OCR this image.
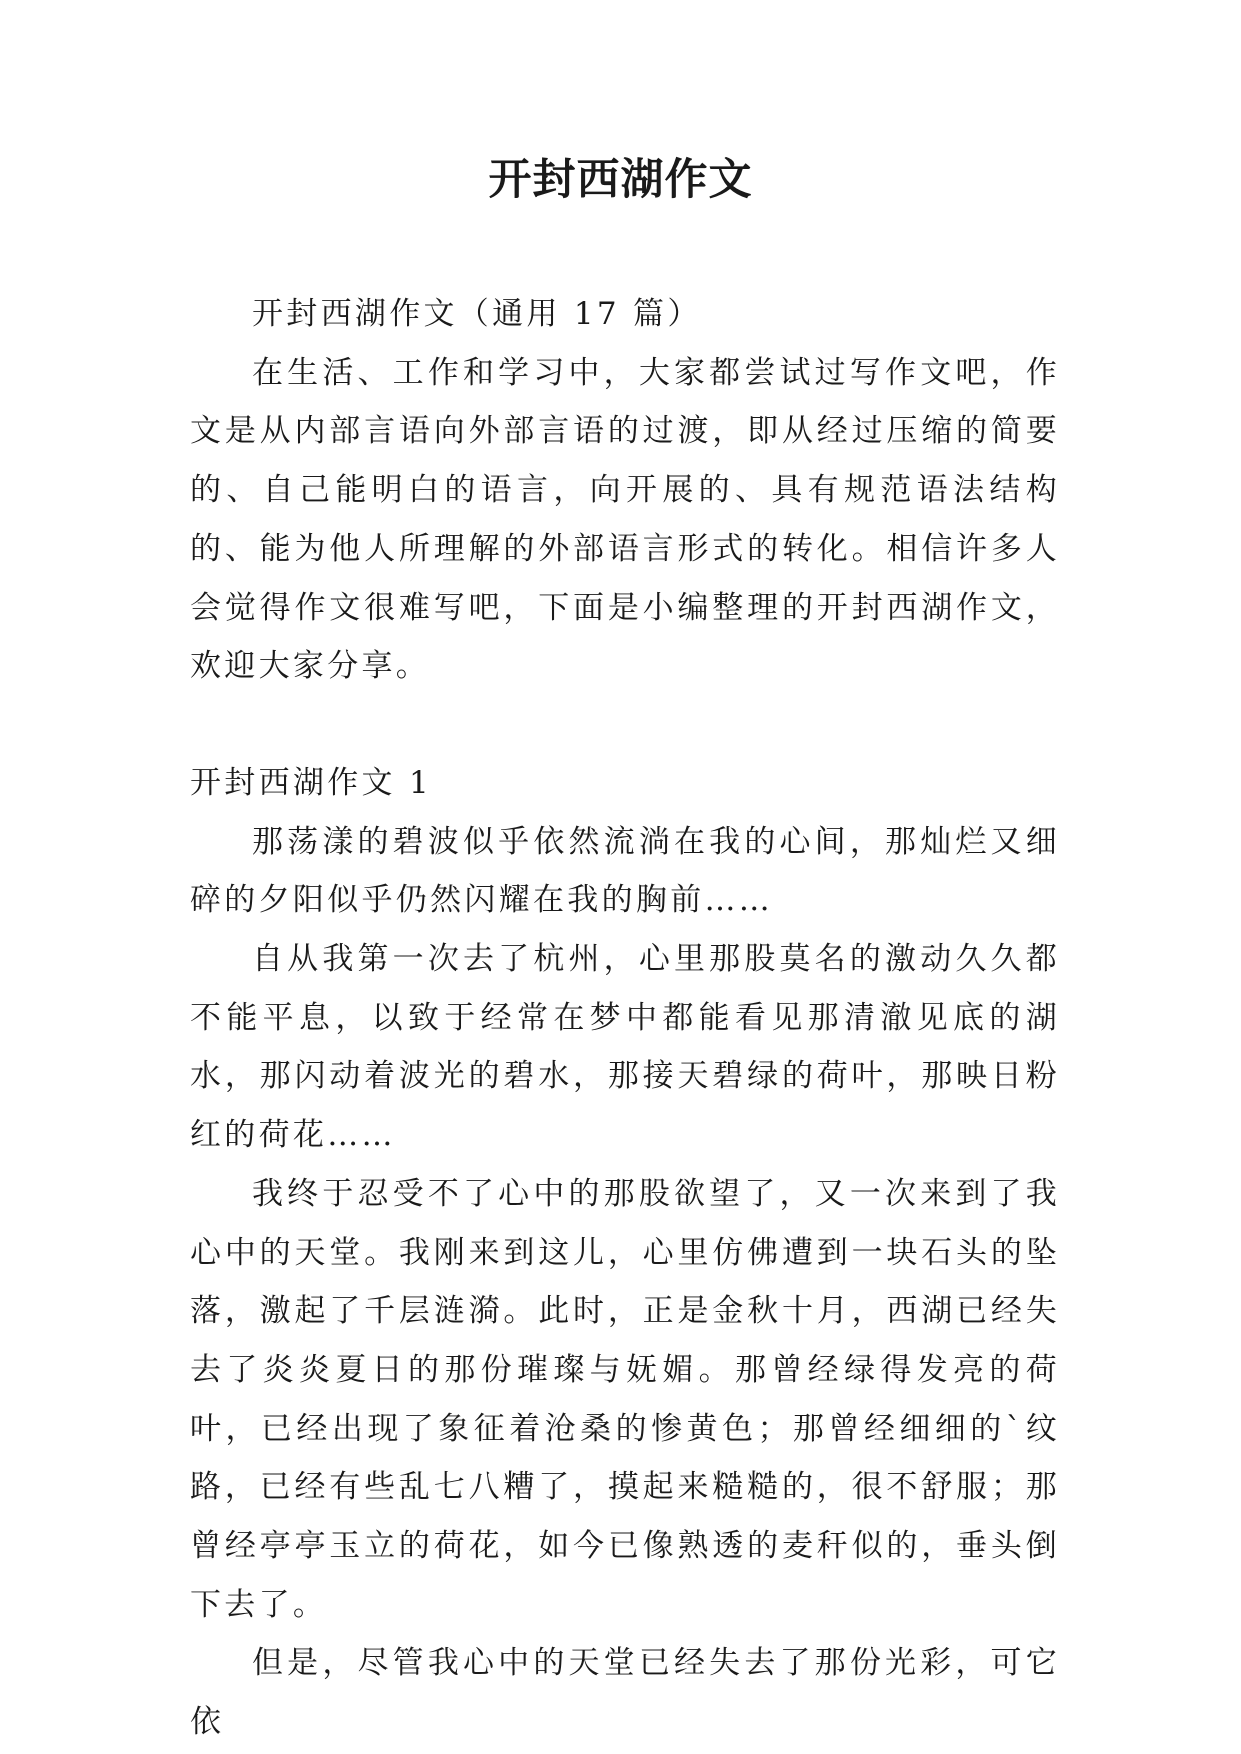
开封西湖作文

开封西湖作文（通用 17 篇）

在生活、工作和学习中，大家都尝试过写作文吧，作文是从内部言语向外部言语的过渡，即从经过压缩的简要的、自己能明白的语言，向开展的、具有规范语法结构的、能为他人所理解的外部语言形式的转化。相信许多人会觉得作文很难写吧，下面是小编整理的开封西湖作文，欢迎大家分享。

开封西湖作文 1

那荡漾的碧波似乎依然流淌在我的心间，那灿烂又细碎的夕阳似乎仍然闪耀在我的胸前……

自从我第一次去了杭州，心里那股莫名的激动久久都不能平息，以致于经常在梦中都能看见那清澈见底的湖水，那闪动着波光的碧水，那接天碧绿的荷叶，那映日粉红的荷花……

我终于忍受不了心中的那股欲望了，又一次来到了我心中的天堂。我刚来到这儿，心里仿佛遭到一块石头的坠落，激起了千层涟漪。此时，正是金秋十月，西湖已经失去了炎炎夏日的那份璀璨与妩媚。那曾经绿得发亮的荷叶，已经出现了象征着沧桑的惨黄色；那曾经细细的`纹路，已经有些乱七八糟了，摸起来糙糙的，很不舒服；那曾经亭亭玉立的荷花，如今已像熟透的麦秆似的，垂头倒下去了。

但是，尽管我心中的天堂已经失去了那份光彩，可它依
